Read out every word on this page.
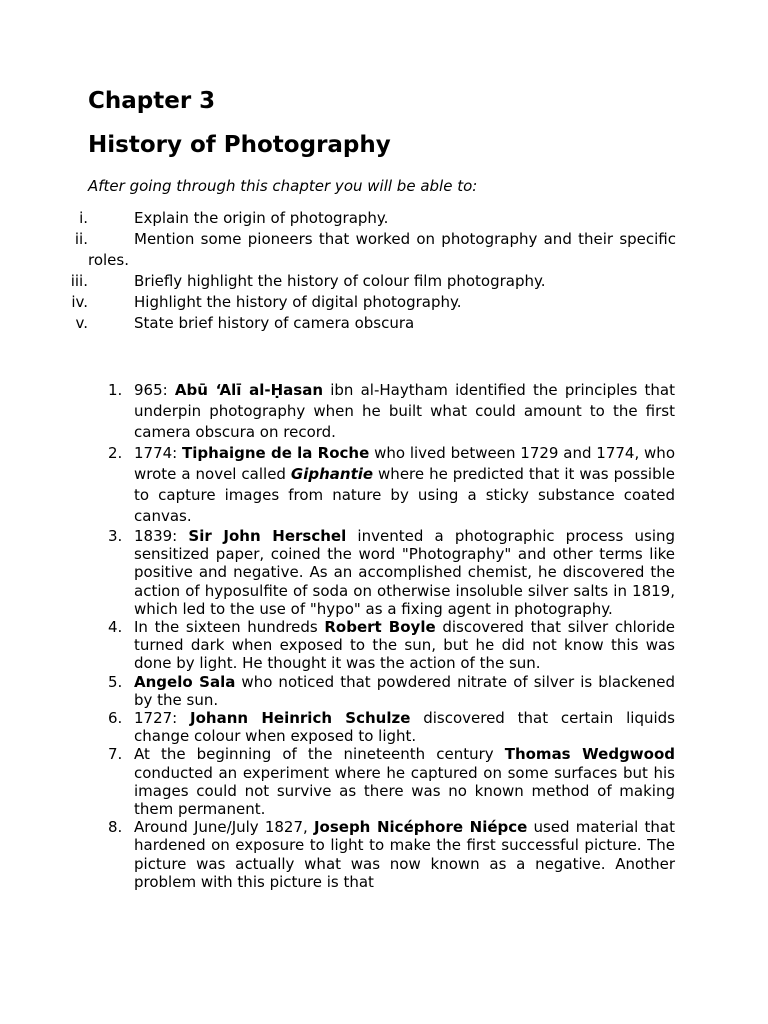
Chapter 3
History of Photography

After going through this chapter you will be able to:

i.	Explain the origin of photography.
ii.	Mention some pioneers that worked on photography and their specific roles.
iii.	Briefly highlight the history of colour film photography.
iv.	Highlight the history of digital photography.
v.	State brief history of camera obscura
1. 965: Abū ‘Alī al-Ḥasan ibn al-Haytham identified the principles that underpin photography when he built what could amount to the first camera obscura on record.
2. 1774: Tiphaigne de la Roche who lived between 1729 and 1774, who wrote a novel called Giphantie where he predicted that it was possible to capture images from nature by using a sticky substance coated canvas.
3. 1839: Sir John Herschel invented a photographic process using sensitized paper, coined the word "Photography" and other terms like positive and negative. As an accomplished chemist, he discovered the action of hyposulfite of soda on otherwise insoluble silver salts in 1819, which led to the use of "hypo" as a fixing agent in photography.
4. In the sixteen hundreds Robert Boyle discovered that silver chloride turned dark when exposed to the sun, but he did not know this was done by light. He thought it was the action of the sun.
5. Angelo Sala who noticed that powdered nitrate of silver is blackened by the sun.
6. 1727: Johann Heinrich Schulze discovered that certain liquids change colour when exposed to light.
7. At the beginning of the nineteenth century Thomas Wedgwood conducted an experiment where he captured on some surfaces but his images could not survive as there was no known method of making them permanent.
8. Around June/July 1827, Joseph Nicéphore Niépce used material that hardened on exposure to light to make the first successful picture. The picture was actually what was now known as a negative. Another problem with this picture is that
